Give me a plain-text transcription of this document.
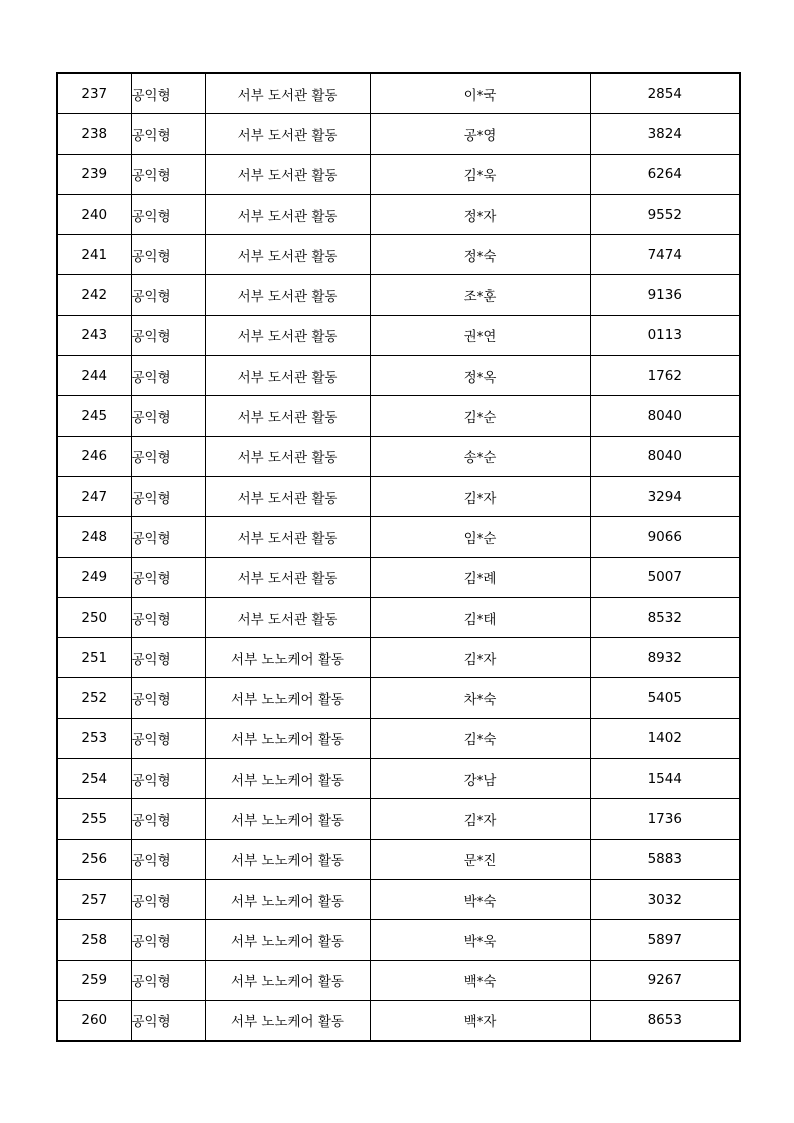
237	공익형	서부 도서관 활동	이*국	2854
238	공익형	서부 도서관 활동	공*영	3824
239	공익형	서부 도서관 활동	김*욱	6264
240	공익형	서부 도서관 활동	정*자	9552
241	공익형	서부 도서관 활동	정*숙	7474
242	공익형	서부 도서관 활동	조*훈	9136
243	공익형	서부 도서관 활동	권*연	0113
244	공익형	서부 도서관 활동	정*옥	1762
245	공익형	서부 도서관 활동	김*순	8040
246	공익형	서부 도서관 활동	송*순	8040
247	공익형	서부 도서관 활동	김*자	3294
248	공익형	서부 도서관 활동	임*순	9066
249	공익형	서부 도서관 활동	김*례	5007
250	공익형	서부 도서관 활동	김*태	8532
251	공익형	서부 노노케어 활동	김*자	8932
252	공익형	서부 노노케어 활동	차*숙	5405
253	공익형	서부 노노케어 활동	김*숙	1402
254	공익형	서부 노노케어 활동	강*남	1544
255	공익형	서부 노노케어 활동	김*자	1736
256	공익형	서부 노노케어 활동	문*진	5883
257	공익형	서부 노노케어 활동	박*숙	3032
258	공익형	서부 노노케어 활동	박*욱	5897
259	공익형	서부 노노케어 활동	백*숙	9267
260	공익형	서부 노노케어 활동	백*자	8653
